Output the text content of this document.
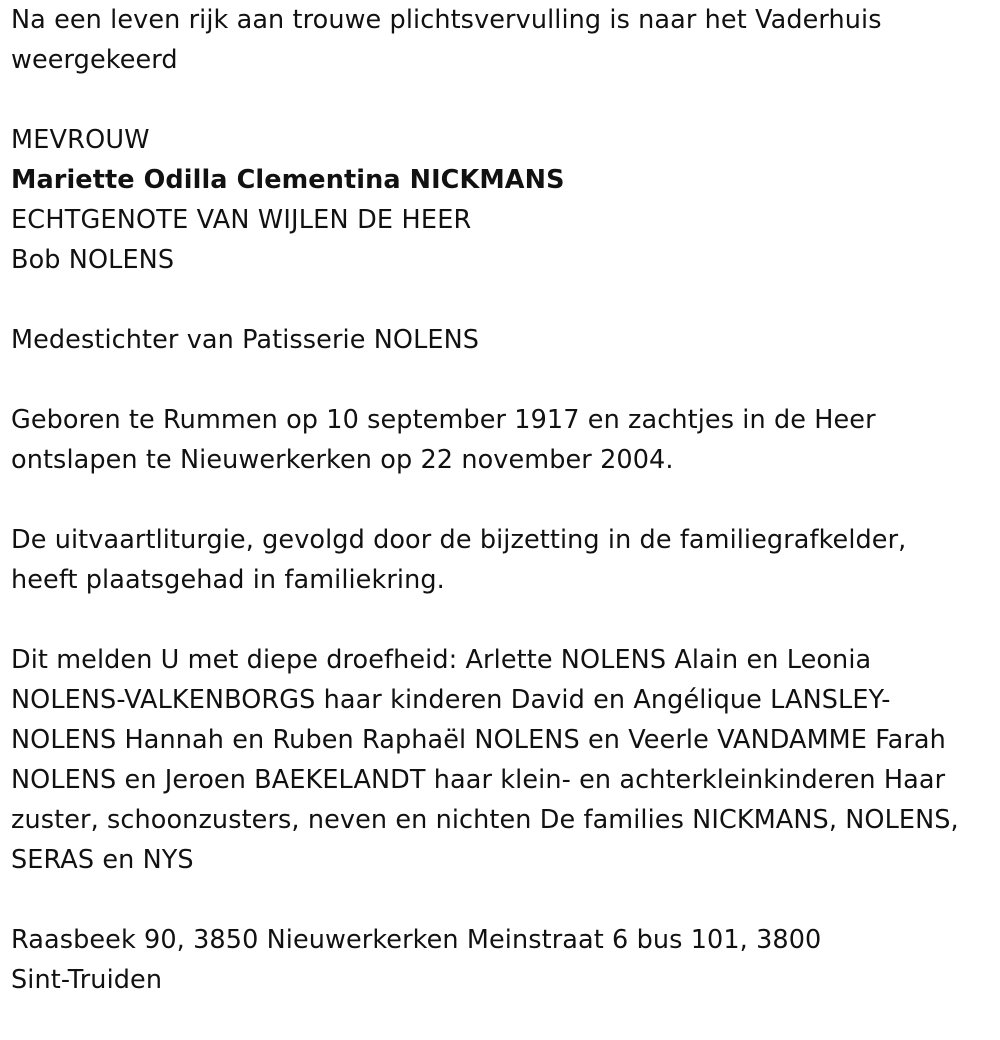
Na een leven rijk aan trouwe plichtsvervulling is naar het Vaderhuis
weergekeerd
MEVROUW
Mariette Odilla Clementina NICKMANS
ECHTGENOTE VAN WIJLEN DE HEER
Bob NOLENS
Medestichter van Patisserie NOLENS
Geboren te Rummen op 10 september 1917 en zachtjes in de Heer
ontslapen te Nieuwerkerken op 22 november 2004.
De uitvaartliturgie, gevolgd door de bijzetting in de familiegrafkelder,
heeft plaatsgehad in familiekring.
Dit melden U met diepe droefheid: Arlette NOLENS Alain en Leonia
NOLENS-VALKENBORGS haar kinderen David en Angélique LANSLEY-
NOLENS Hannah en Ruben Raphaël NOLENS en Veerle VANDAMME Farah
NOLENS en Jeroen BAEKELANDT haar klein- en achterkleinkinderen Haar
zuster, schoonzusters, neven en nichten De families NICKMANS, NOLENS,
SERAS en NYS
Raasbeek 90, 3850 Nieuwerkerken Meinstraat 6 bus 101, 3800
Sint-Truiden
